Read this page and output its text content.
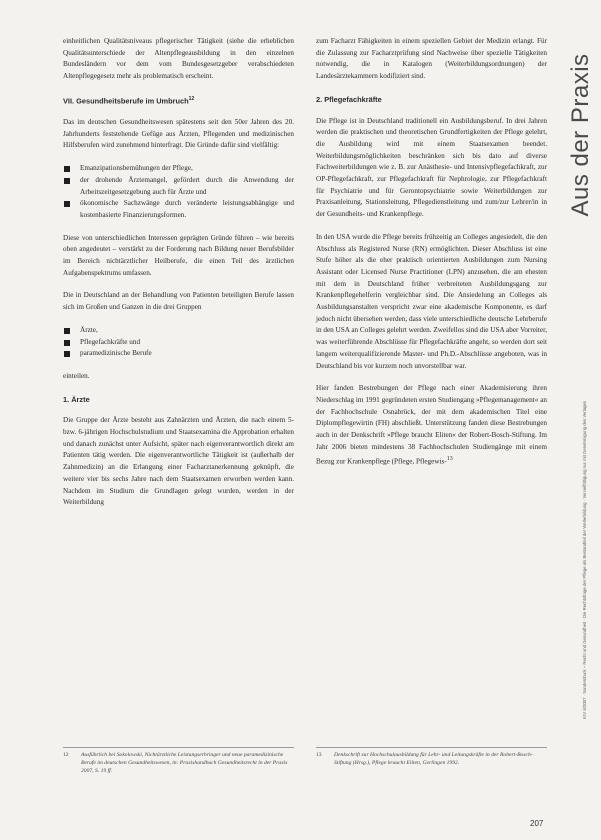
einheitlichen Qualitätsniveaus pflegerischer Tätigkeit (siehe die erheblichen Qualitätsunterschiede der Altenpflegeausbildung in den einzelnen Bundesländern vor dem vom Bundesgesetzgeber verabschiedeten Altenpflegegesetz mehr als problematisch erscheint.

VII. Gesundheitsberufe im Umbruch$^{12}$

Das im deutschen Gesundheitswesen spätestens seit den 50er Jahren des 20. Jahrhunderts feststehende Gefüge aus Ärzten, Pflegenden und medizinischen Hilfsberufen wird zunehmend hinterfragt. Die Gründe dafür sind vielfältig:

Emanzipationsbemühungen der Pflege,
der drohende Ärztemangel, gefördert durch die Anwendung der Arbeitszeitgesetzgebung auch für Ärzte und
ökonomische Sachzwänge durch veränderte leistungsabhängige und kostenbasierte Finanzierungsformen.

Diese von unterschiedlichen Interessen geprägten Gründe führen – wie bereits oben angedeutet – verstärkt zu der Forderung nach Bildung neuer Berufsbilder im Bereich nichtärztlicher Heilberufe, die einen Teil des ärztlichen Aufgabenspektrums umfassen.

Die in Deutschland an der Behandlung von Patienten beteiligten Berufe lassen sich im Großen und Ganzen in die drei Gruppen

Ärzte,
Pflegefachkräfte und
paramedizinische Berufe

einteilen.

1. Ärzte

Die Gruppe der Ärzte besteht aus Zahnärzten und Ärzten, die nach einem 5- bzw. 6-jährigen Hochschulstudium und Staatsexamina die Approbation erhalten und danach zunächst unter Aufsicht, später nach eigenverantwortlich direkt am Patienten tätig werden. Die eigenverantwortliche Tätigkeit ist (außerhalb der Zahnmedizin) an die Erlangung einer Facharztanerkennung geknüpft, die weitere vier bis sechs Jahre nach dem Staatsexamen erworben werden kann. Nachdem im Studium die Grundlagen gelegt wurden, werden in der Weiterbildung

zum Facharzt Fähigkeiten in einem speziellen Gebiet der Medizin erlangt. Für die Zulassung zur Facharztprüfung sind Nachweise über spezielle Tätigkeiten notwendig, die in Katalogen (Weiterbildungsordnungen) der Landesärztekammern kodifiziert sind.

2. Pflegefachkräfte

Die Pflege ist in Deutschland traditionell ein Ausbildungsberuf. In drei Jahren werden die praktischen und theoretischen Grundfertigkeiten der Pflege gelehrt, die Ausbildung wird mit einem Staatsexamen beendet. Weiterbildungsmöglichkeiten beschränken sich bis dato auf diverse Fachweiterbildungen wie z. B. zur Anästhesie- und Intensivpflegefachkraft, zur OP-Pflegefachkraft, zur Pflegefachkraft für Nephrologie, zur Pflegefachkraft für Psychiatrie und für Gerontopsychiatrie sowie Weiterbildungen zur Praxisanleitung, Stationsleitung, Pflegedienstleitung und zum/zur Lehrer/in in der Gesundheits- und Krankenpflege.

In den USA wurde die Pflege bereits frühzeitig an Colleges angesiedelt, die den Abschluss als Registered Nurse (RN) ermöglichten. Dieser Abschluss ist eine Stufe höher als die eher praktisch orientierten Ausbildungen zum Nursing Assistant oder Licensed Nurse Practitioner (LPN) anzusehen, die am ehesten mit dem in Deutschland früher verbreiteten Ausbildungsgang zur Krankenpflegehelferin vergleichbar sind. Die Ansiedelung an Colleges als Ausbildungsanstalten verspricht zwar eine akademische Komponente, es darf jedoch nicht übersehen werden, dass viele unterschiedliche deutsche Lehrberufe in den USA an Colleges gelehrt werden. Zweifellos sind die USA aber Vorreiter, was weiterführende Abschlüsse für Pflegefachkräfte angeht, so werden dort seit langem weiterqualifizierende Master- und Ph.D.-Abschlüsse angeboten, was in Deutschland bis vor kurzem noch unvorstellbar war.

Hier fanden Bestrebungen der Pflege nach einer Akademisierung ihren Niederschlag im 1991 gegründeten ersten Studiengang »Pflegemanagement« an der Fachhochschule Osnabrück, der mit dem akademischen Titel eine Diplompflegewirtin (FH) abschließt. Unterstützung fanden diese Bestrebungen auch in der Denkschrift »Pflege braucht Eliten« der Robert-Bosch-Stiftung. Im Jahr 2006 bieten mindestens 38 Fachhochschulen Studiengänge mit einem Bezug zur Krankenpflege (Pflege, Pflegewis-$^{13}$

12	Ausführlich bei Sokolowski, Nichtärztliche Leistungserbringer und neue paramedizinische Berufe im deutschen Gesundheitswesen, in: Praxishandbuch Gesundheitsrecht in der Praxis 2007, S. 19 ff.
13	Denkschrift zur Hochschulausbildung für Lehr- und Leitungskräfte in der Robert-Bosch-Stiftung (Hrsg.), Pflege braucht Eliten, Gerlingen 1992.
Aus der Praxis
KrV 6/2007 · Sonderdruck – Recht und Gesundheit · Die Rechtsfrage der Pflege als Bestandteil der Weiterbildung · Vervielfältigung nur mit Genehmigung des Verlages
207
